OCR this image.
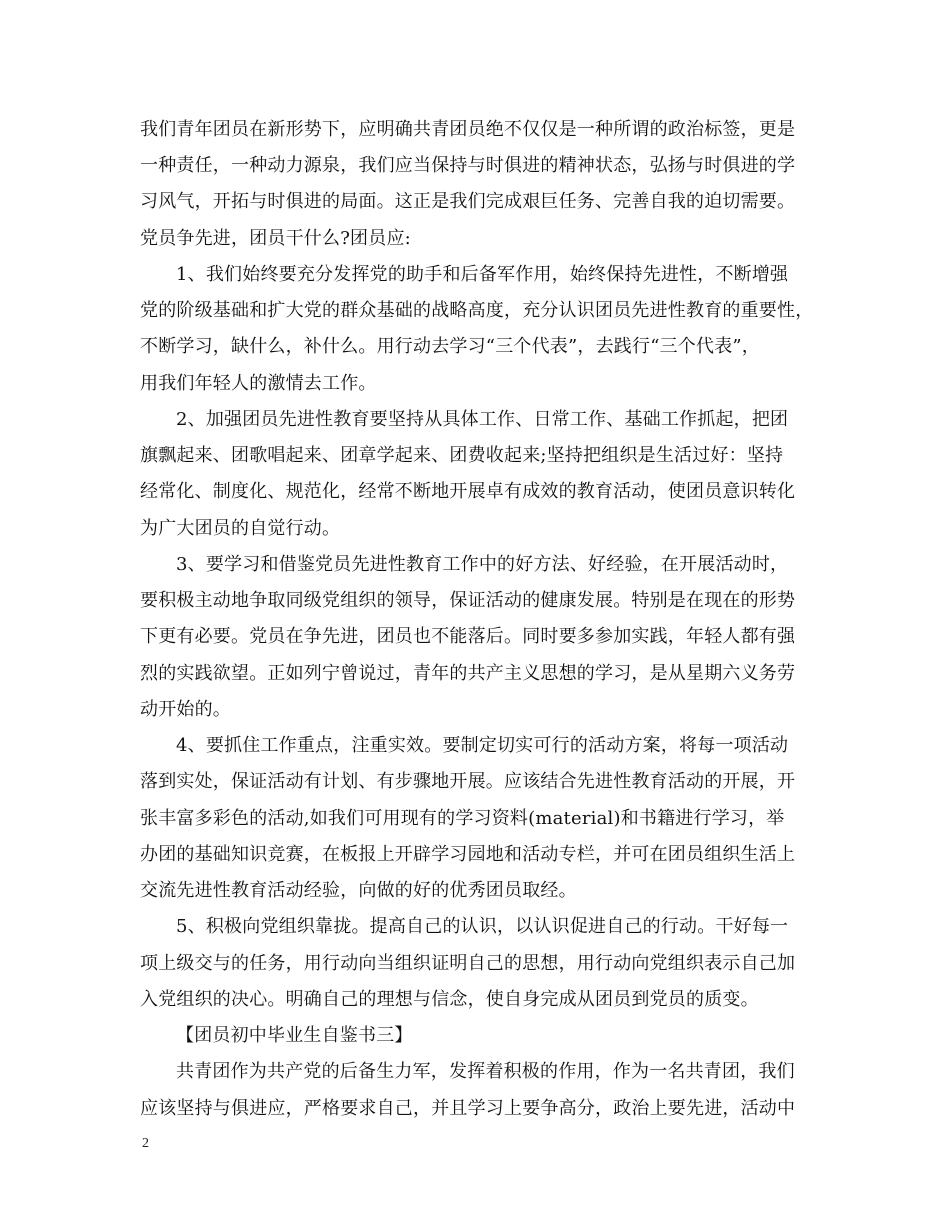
我们青年团员在新形势下，应明确共青团员绝不仅仅是一种所谓的政治标签，更是
一种责任，一种动力源泉，我们应当保持与时俱进的精神状态，弘扬与时俱进的学
习风气，开拓与时俱进的局面。这正是我们完成艰巨任务、完善自我的迫切需要。
党员争先进，团员干什么?团员应:
1、我们始终要充分发挥党的助手和后备军作用，始终保持先进性，不断增强
党的阶级基础和扩大党的群众基础的战略高度，充分认识团员先进性教育的重要性，
不断学习，缺什么，补什么。用行动去学习“三个代表”，去践行“三个代表”，
用我们年轻人的激情去工作。
2、加强团员先进性教育要坚持从具体工作、日常工作、基础工作抓起，把团
旗飘起来、团歌唱起来、团章学起来、团费收起来;坚持把组织是生活过好：坚持
经常化、制度化、规范化，经常不断地开展卓有成效的教育活动，使团员意识转化
为广大团员的自觉行动。
3、要学习和借鉴党员先进性教育工作中的好方法、好经验，在开展活动时，
要积极主动地争取同级党组织的领导，保证活动的健康发展。特别是在现在的形势
下更有必要。党员在争先进，团员也不能落后。同时要多参加实践，年轻人都有强
烈的实践欲望。正如列宁曾说过，青年的共产主义思想的学习，是从星期六义务劳
动开始的。
4、要抓住工作重点，注重实效。要制定切实可行的活动方案，将每一项活动
落到实处，保证活动有计划、有步骤地开展。应该结合先进性教育活动的开展，开
张丰富多彩色的活动,如我们可用现有的学习资料(material)和书籍进行学习，举
办团的基础知识竞赛，在板报上开辟学习园地和活动专栏，并可在团员组织生活上
交流先进性教育活动经验，向做的好的优秀团员取经。
5、积极向党组织靠拢。提高自己的认识，以认识促进自己的行动。干好每一
项上级交与的任务，用行动向当组织证明自己的思想，用行动向党组织表示自己加
入党组织的决心。明确自己的理想与信念，使自身完成从团员到党员的质变。
【团员初中毕业生自鉴书三】
共青团作为共产党的后备生力军，发挥着积极的作用，作为一名共青团，我们
应该坚持与俱进应，严格要求自己，并且学习上要争高分，政治上要先进，活动中
2
